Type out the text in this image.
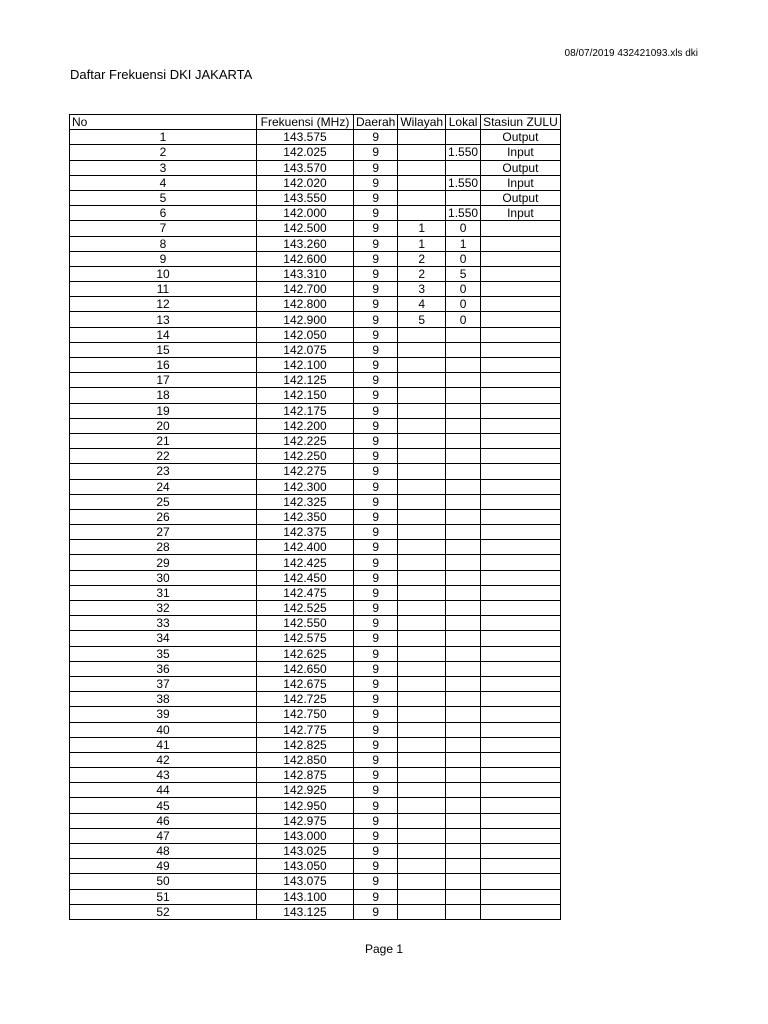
08/07/2019 432421093.xls dki
Daftar Frekuensi DKI JAKARTA
No	Frekuensi (MHz)	Daerah	Wilayah	Lokal	Stasiun ZULU
1	143.575	9			Output
2	142.025	9		1.550	Input
3	143.570	9			Output
4	142.020	9		1.550	Input
5	143.550	9			Output
6	142.000	9		1.550	Input
7	142.500	9	1	0	
8	143.260	9	1	1	
9	142.600	9	2	0	
10	143.310	9	2	5	
11	142.700	9	3	0	
12	142.800	9	4	0	
13	142.900	9	5	0	
14	142.050	9			
15	142.075	9			
16	142.100	9			
17	142.125	9			
18	142.150	9			
19	142.175	9			
20	142.200	9			
21	142.225	9			
22	142.250	9			
23	142.275	9			
24	142.300	9			
25	142.325	9			
26	142.350	9			
27	142.375	9			
28	142.400	9			
29	142.425	9			
30	142.450	9			
31	142.475	9			
32	142.525	9			
33	142.550	9			
34	142.575	9			
35	142.625	9			
36	142.650	9			
37	142.675	9			
38	142.725	9			
39	142.750	9			
40	142.775	9			
41	142.825	9			
42	142.850	9			
43	142.875	9			
44	142.925	9			
45	142.950	9			
46	142.975	9			
47	143.000	9			
48	143.025	9			
49	143.050	9			
50	143.075	9			
51	143.100	9			
52	143.125	9			
Page 1
